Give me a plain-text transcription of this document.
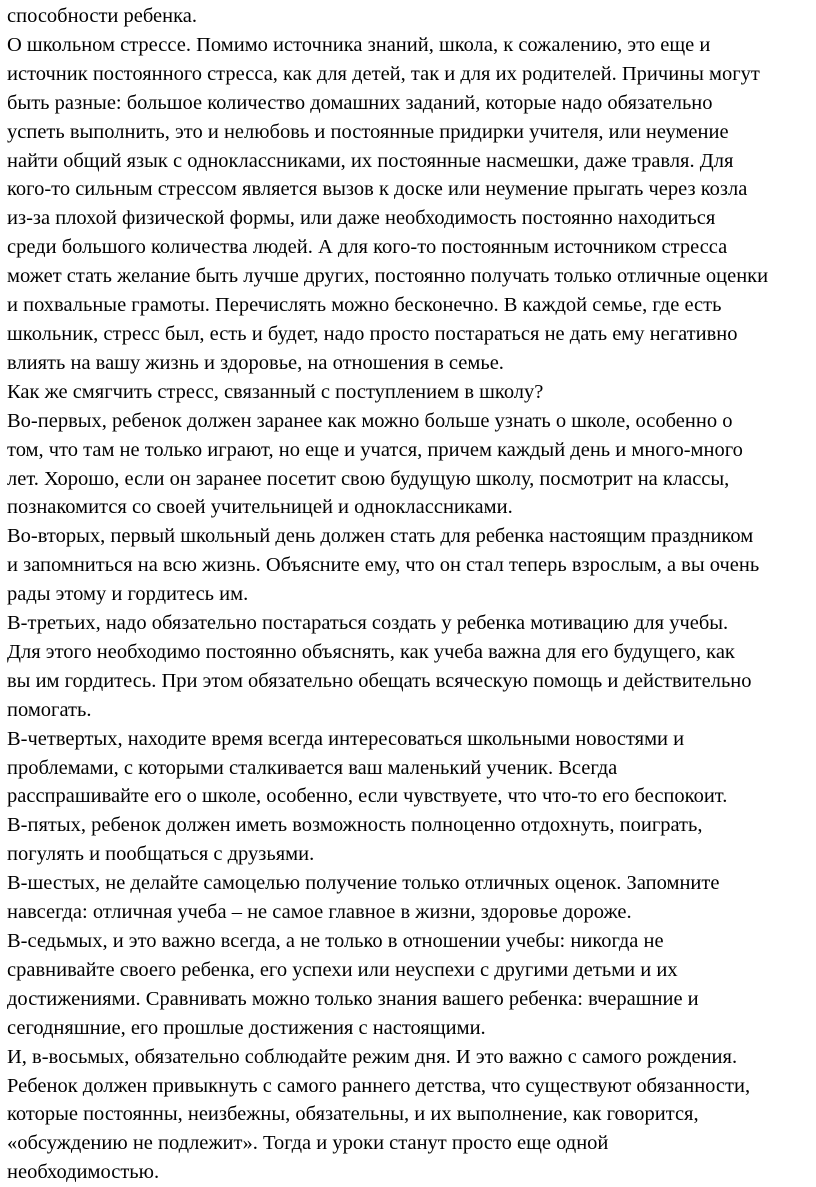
способности ребенка.

О школьном стрессе. Помимо источника знаний, школа, к сожалению, это еще и

источник постоянного стресса, как для детей, так и для их родителей. Причины могут

быть разные: большое количество домашних заданий, которые надо обязательно

успеть выполнить, это и нелюбовь и постоянные придирки учителя, или неумение

найти общий язык с одноклассниками, их постоянные насмешки, даже травля. Для

кого-то сильным стрессом является вызов к доске или неумение прыгать через козла

из-за плохой физической формы, или даже необходимость постоянно находиться

среди большого количества людей. А для кого-то постоянным источником стресса

может стать желание быть лучше других, постоянно получать только отличные оценки

и похвальные грамоты. Перечислять можно бесконечно. В каждой семье, где есть

школьник, стресс был, есть и будет, надо просто постараться не дать ему негативно

влиять на вашу жизнь и здоровье, на отношения в семье.

Как же смягчить стресс, связанный с поступлением в школу?

Во-первых, ребенок должен заранее как можно больше узнать о школе, особенно о

том, что там не только играют, но еще и учатся, причем каждый день и много-много

лет. Хорошо, если он заранее посетит свою будущую школу, посмотрит на классы,

познакомится со своей учительницей и одноклассниками.

Во-вторых, первый школьный день должен стать для ребенка настоящим праздником

и запомниться на всю жизнь. Объясните ему, что он стал теперь взрослым, а вы очень

рады этому и гордитесь им.

В-третьих, надо обязательно постараться создать у ребенка мотивацию для учебы.

Для этого необходимо постоянно объяснять, как учеба важна для его будущего, как

вы им гордитесь. При этом обязательно обещать всяческую помощь и действительно

помогать.

В-четвертых, находите время всегда интересоваться школьными новостями и

проблемами, с которыми сталкивается ваш маленький ученик. Всегда

расспрашивайте его о школе, особенно, если чувствуете, что что-то его беспокоит.

В-пятых, ребенок должен иметь возможность полноценно отдохнуть, поиграть,

погулять и пообщаться с друзьями.

В-шестых, не делайте самоцелью получение только отличных оценок. Запомните

навсегда: отличная учеба – не самое главное в жизни, здоровье дороже.

В-седьмых, и это важно всегда, а не только в отношении учебы: никогда не

сравнивайте своего ребенка, его успехи или неуспехи с другими детьми и их

достижениями. Сравнивать можно только знания вашего ребенка: вчерашние и

сегодняшние, его прошлые достижения с настоящими.

И, в-восьмых, обязательно соблюдайте режим дня. И это важно с самого рождения.

Ребенок должен привыкнуть с самого раннего детства, что существуют обязанности,

которые постоянны, неизбежны, обязательны, и их выполнение, как говорится,

«обсуждению не подлежит». Тогда и уроки станут просто еще одной

необходимостью.
